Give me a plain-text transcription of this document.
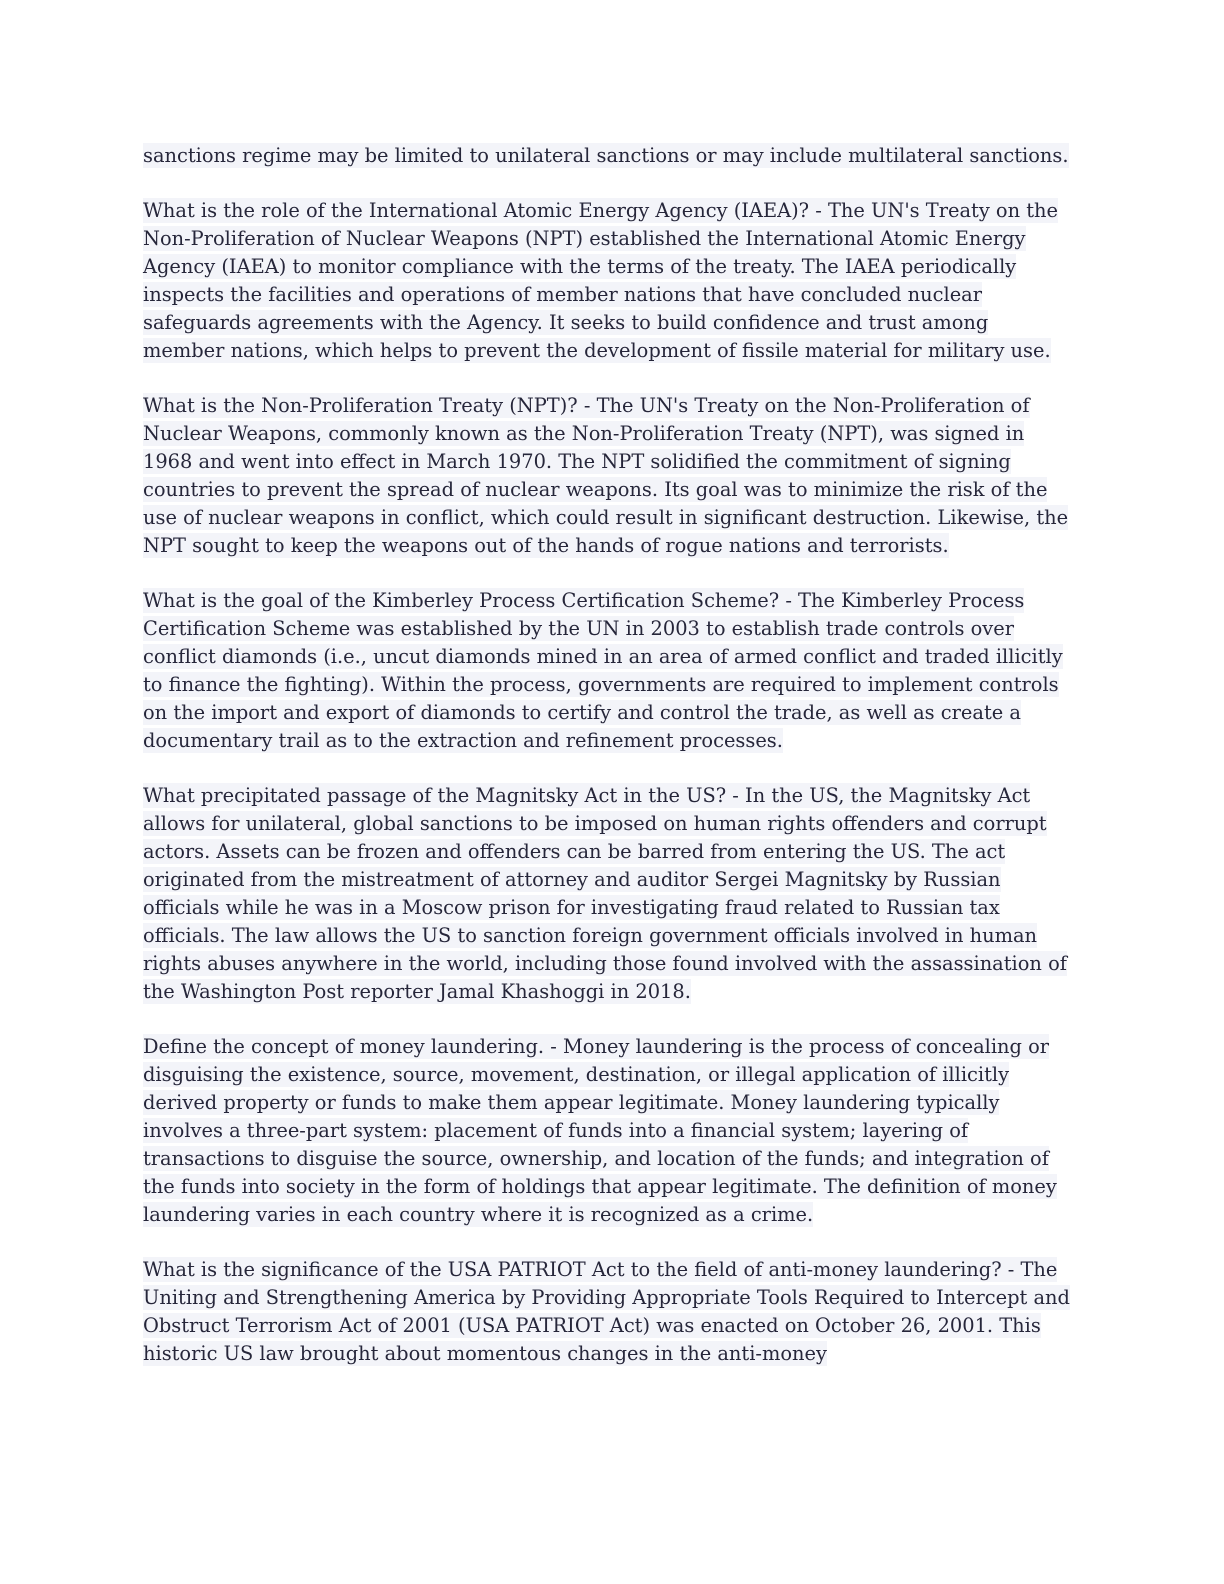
sanctions regime may be limited to unilateral sanctions or may include multilateral sanctions.

What is the role of the International Atomic Energy Agency (IAEA)? - The UN's Treaty on the Non-Proliferation of Nuclear Weapons (NPT) established the International Atomic Energy Agency (IAEA) to monitor compliance with the terms of the treaty. The IAEA periodically inspects the facilities and operations of member nations that have concluded nuclear safeguards agreements with the Agency. It seeks to build confidence and trust among member nations, which helps to prevent the development of fissile material for military use.

What is the Non-Proliferation Treaty (NPT)? - The UN's Treaty on the Non-Proliferation of Nuclear Weapons, commonly known as the Non-Proliferation Treaty (NPT), was signed in 1968 and went into effect in March 1970. The NPT solidified the commitment of signing countries to prevent the spread of nuclear weapons. Its goal was to minimize the risk of the use of nuclear weapons in conflict, which could result in significant destruction. Likewise, the NPT sought to keep the weapons out of the hands of rogue nations and terrorists.

What is the goal of the Kimberley Process Certification Scheme? - The Kimberley Process Certification Scheme was established by the UN in 2003 to establish trade controls over conflict diamonds (i.e., uncut diamonds mined in an area of armed conflict and traded illicitly to finance the fighting). Within the process, governments are required to implement controls on the import and export of diamonds to certify and control the trade, as well as create a documentary trail as to the extraction and refinement processes.

What precipitated passage of the Magnitsky Act in the US? - In the US, the Magnitsky Act allows for unilateral, global sanctions to be imposed on human rights offenders and corrupt actors. Assets can be frozen and offenders can be barred from entering the US. The act originated from the mistreatment of attorney and auditor Sergei Magnitsky by Russian officials while he was in a Moscow prison for investigating fraud related to Russian tax officials. The law allows the US to sanction foreign government officials involved in human rights abuses anywhere in the world, including those found involved with the assassination of the Washington Post reporter Jamal Khashoggi in 2018.

Define the concept of money laundering. - Money laundering is the process of concealing or disguising the existence, source, movement, destination, or illegal application of illicitly derived property or funds to make them appear legitimate. Money laundering typically involves a three-part system: placement of funds into a financial system; layering of transactions to disguise the source, ownership, and location of the funds; and integration of the funds into society in the form of holdings that appear legitimate. The definition of money laundering varies in each country where it is recognized as a crime.

What is the significance of the USA PATRIOT Act to the field of anti-money laundering? - The Uniting and Strengthening America by Providing Appropriate Tools Required to Intercept and Obstruct Terrorism Act of 2001 (USA PATRIOT Act) was enacted on October 26, 2001. This historic US law brought about momentous changes in the anti-money
